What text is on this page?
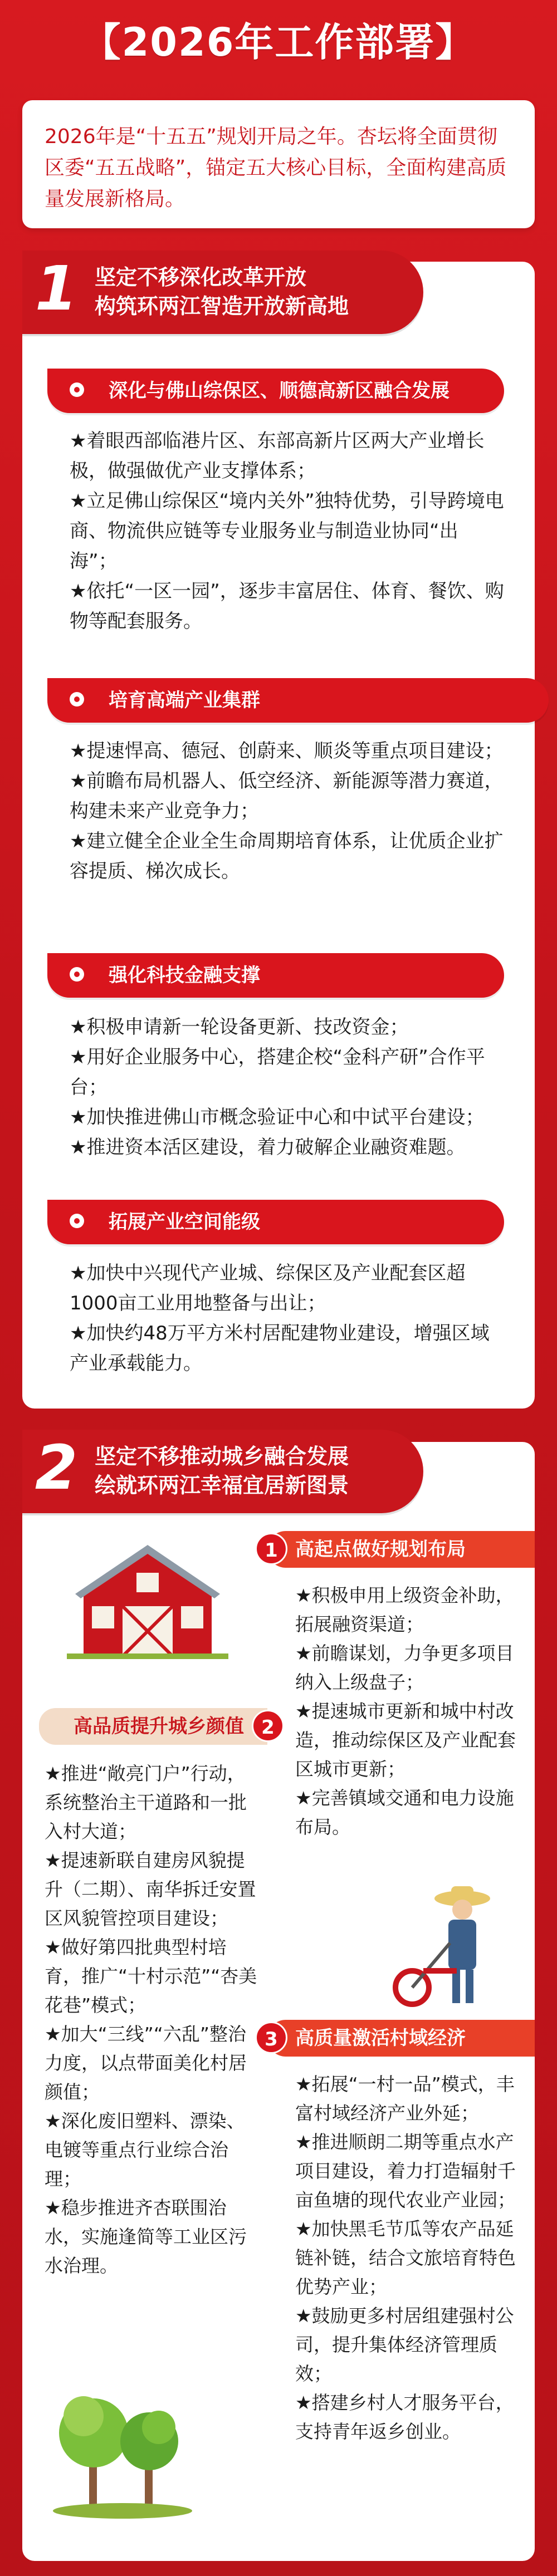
【2026年工作部署】

2026年是“十五五”规划开局之年。杏坛将全面贯彻区委“五五战略”，锚定五大核心目标，全面构建高质量发展新格局。

1 坚定不移深化改革开放
构筑环两江智造开放新高地
深化与佛山综保区、顺德高新区融合发展

★着眼西部临港片区、东部高新片区两大产业增长极，做强做优产业支撑体系；

★立足佛山综保区“境内关外”独特优势，引导跨境电商、物流供应链等专业服务业与制造业协同“出海”；

★依托“一区一园”，逐步丰富居住、体育、餐饮、购物等配套服务。

培育高端产业集群

★提速悍高、德冠、创蔚来、顺炎等重点项目建设；

★前瞻布局机器人、低空经济、新能源等潜力赛道，构建未来产业竞争力；

★建立健全企业全生命周期培育体系，让优质企业扩容提质、梯次成长。

强化科技金融支撑

★积极申请新一轮设备更新、技改资金；

★用好企业服务中心，搭建企校“金科产研”合作平台；

★加快推进佛山市概念验证中心和中试平台建设；

★推进资本活区建设，着力破解企业融资难题。

拓展产业空间能级

★加快中兴现代产业城、综保区及产业配套区超1000亩工业用地整备与出让；

★加快约48万平方米村居配建物业建设，增强区域产业承载能力。

2 坚定不移推动城乡融合发展
绘就环两江幸福宜居新图景
1 高起点做好规划布局

★积极申用上级资金补助，拓展融资渠道；

★前瞻谋划，力争更多项目纳入上级盘子；

★提速城市更新和城中村改造，推动综保区及产业配套区城市更新；

★完善镇域交通和电力设施布局。

高品质提升城乡颜值 2

★推进“敞亮门户”行动，系统整治主干道路和一批入村大道；

★提速新联自建房风貌提升（二期）、南华拆迁安置区风貌管控项目建设；

★做好第四批典型村培育，推广“十村示范”“杏美花巷”模式；

★加大“三线”“六乱”整治力度，以点带面美化村居颜值；

★深化废旧塑料、漂染、电镀等重点行业综合治理；

★稳步推进齐杏联围治水，实施逢简等工业区污水治理。

3 高质量激活村域经济

★拓展“一村一品”模式，丰富村域经济产业外延；

★推进顺朗二期等重点水产项目建设，着力打造辐射千亩鱼塘的现代农业产业园；

★加快黑毛节瓜等农产品延链补链，结合文旅培育特色优势产业；

★鼓励更多村居组建强村公司，提升集体经济管理质效；

★搭建乡村人才服务平台，支持青年返乡创业。
